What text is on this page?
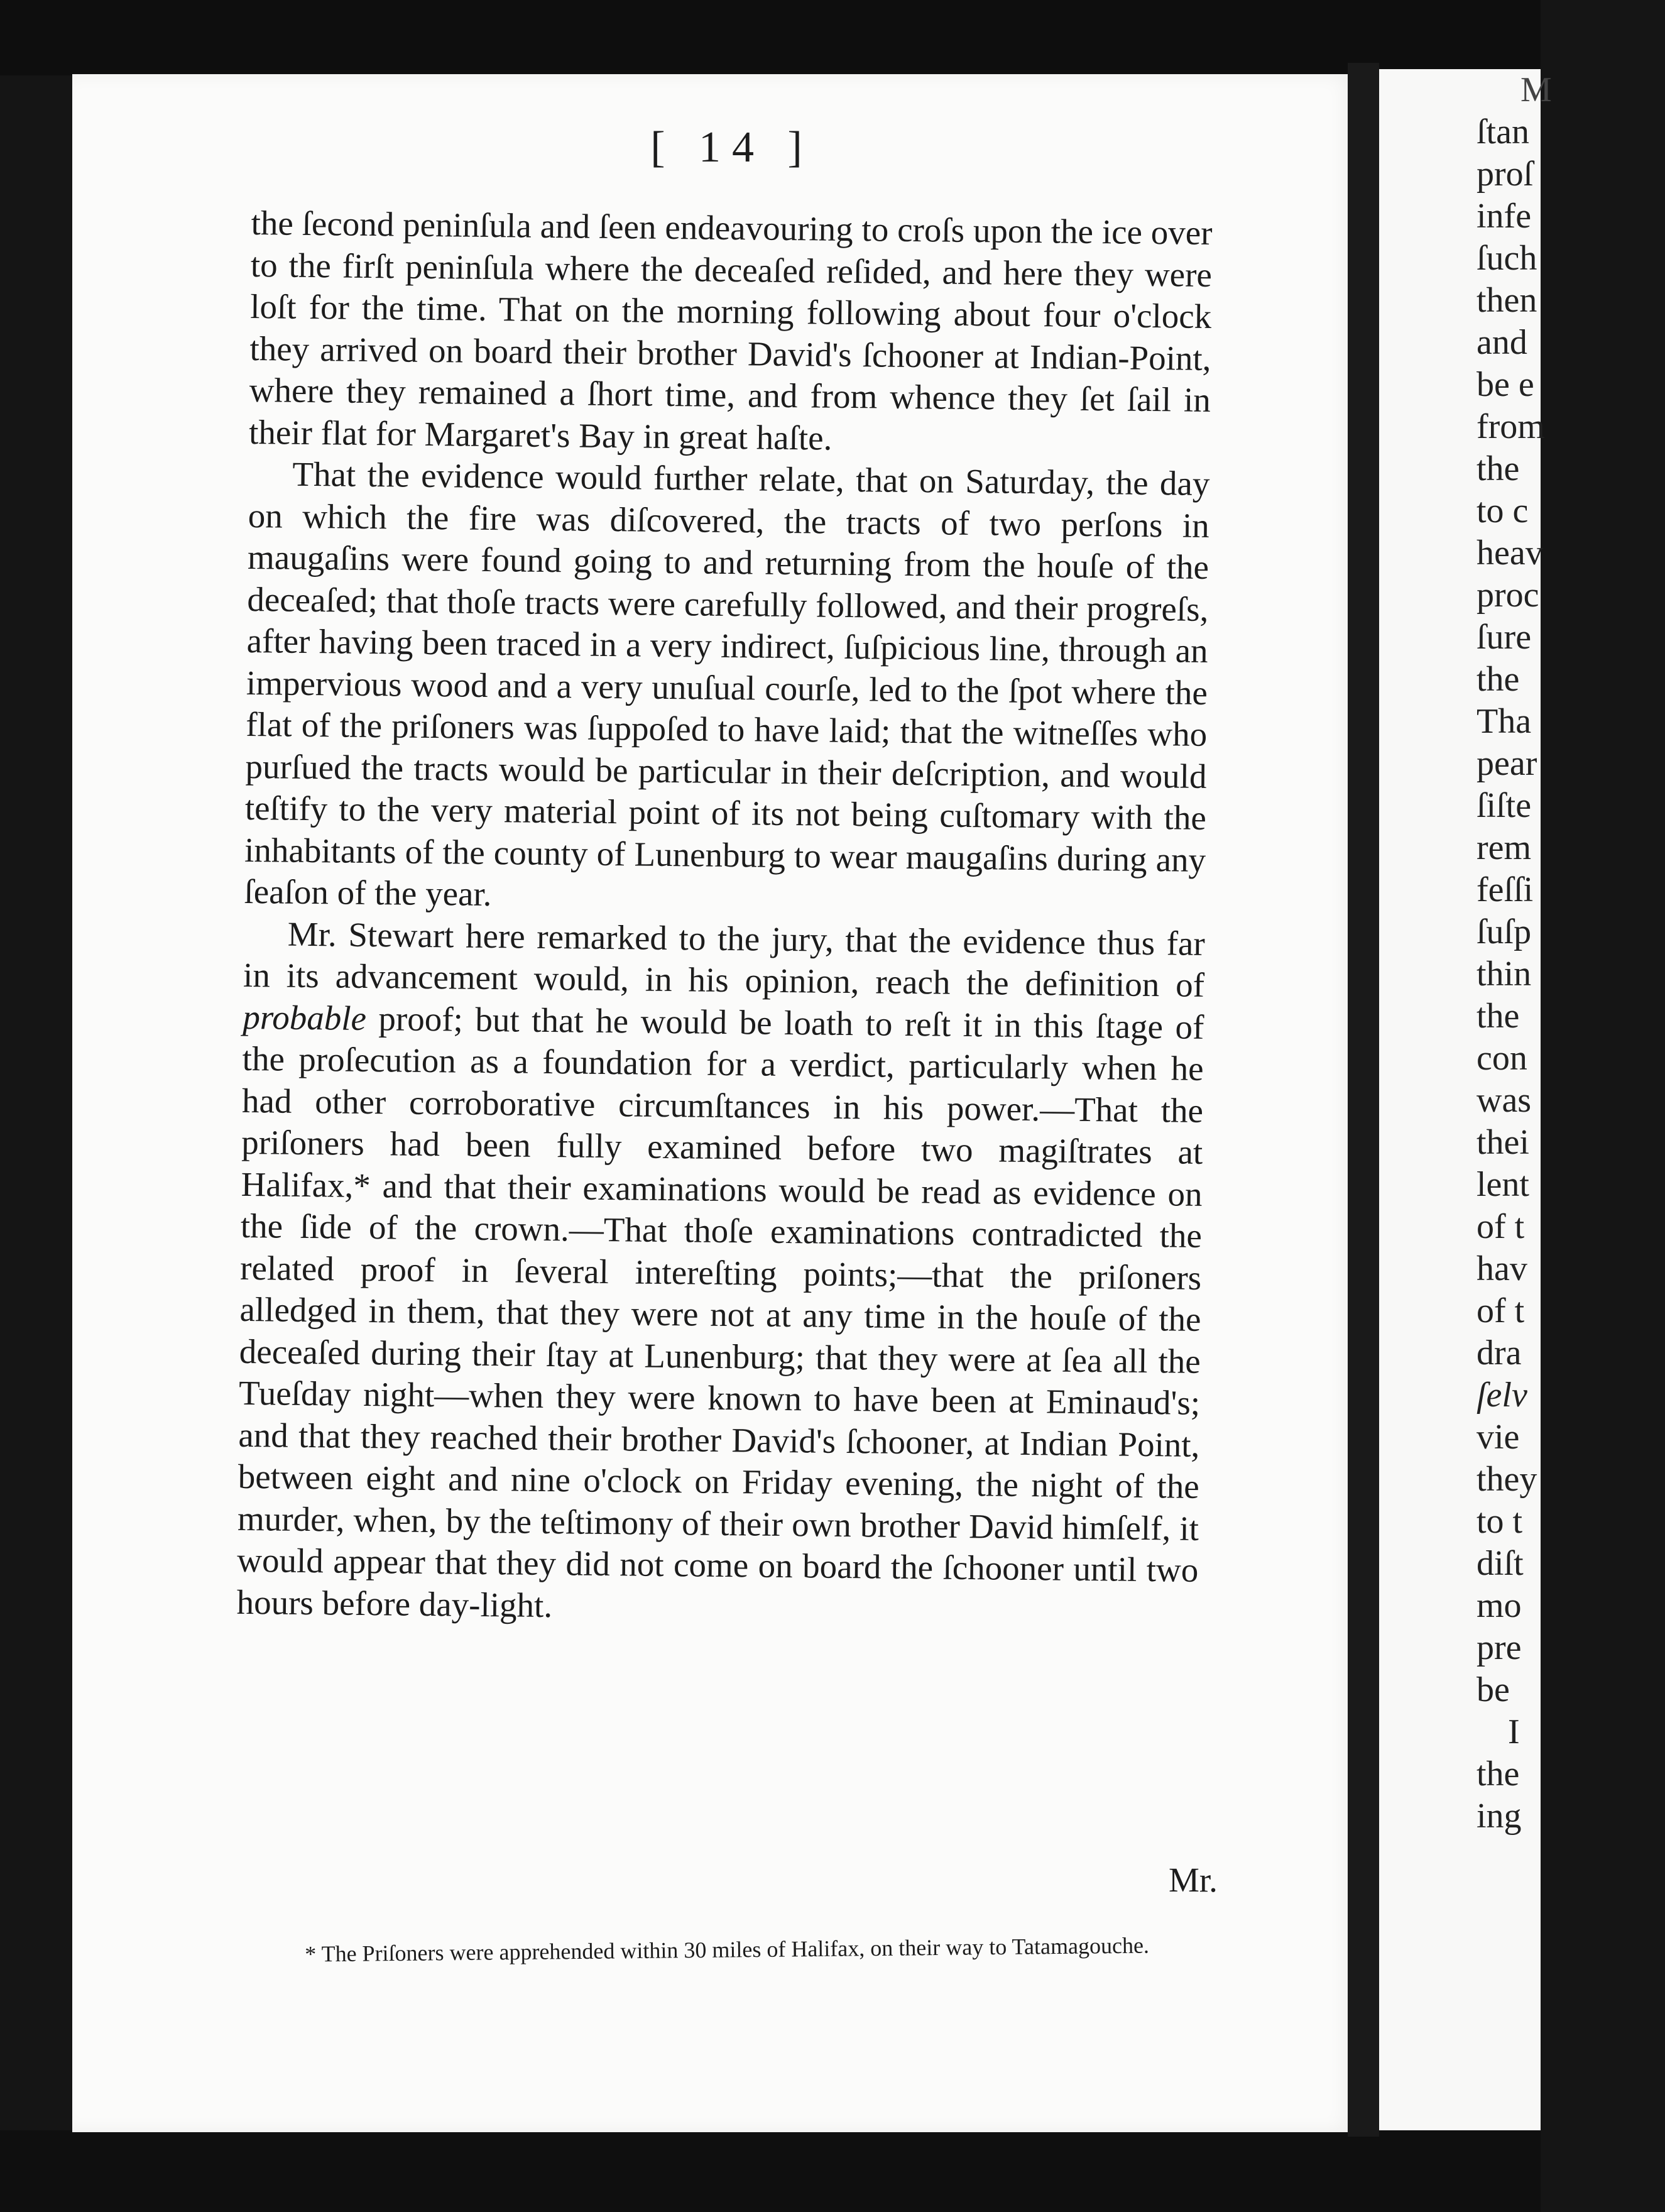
M
ſtan
proſ
infe
ſuch
then
and
be e
from
the
to c
heav
proc
ſure
the
Tha
pear
ſiſte
rem
feſſi
ſuſp
thin
the
con
was
thei
lent
of t
hav
of t
dra
ſelv
vie
they
to t
diſt
mo
pre
be
I
the
ing
[ 14 ]

the ſecond peninſula and ſeen endeavouring to croſs upon the ice over to the firſt peninſula where the deceaſed reſided, and here they were loſt for the time. That on the morning following about four o'clock they arrived on board their brother David's ſchooner at Indian-Point, where they remained a ſhort time, and from whence they ſet ſail in their flat for Margaret's Bay in great haſte.

That the evidence would further relate, that on Saturday, the day on which the fire was diſcovered, the tracts of two perſons in maugaſins were found going to and returning from the houſe of the deceaſed; that thoſe tracts were carefully followed, and their progreſs, after having been traced in a very indirect, ſuſpicious line, through an impervious wood and a very unuſual courſe, led to the ſpot where the flat of the priſoners was ſuppoſed to have laid; that the witneſſes who purſued the tracts would be particular in their deſcription, and would teſtify to the very material point of its not being cuſtomary with the inhabitants of the county of Lunenburg to wear maugaſins during any ſeaſon of the year.

Mr. Stewart here remarked to the jury, that the evidence thus far in its advancement would, in his opinion, reach the definition of probable proof; but that he would be loath to reſt it in this ſtage of the proſecution as a foundation for a verdict, particularly when he had other corroborative circumſtances in his power.—That the priſoners had been fully examined before two magiſtrates at Halifax,* and that their examinations would be read as evidence on the ſide of the crown.—That thoſe examinations contradicted the related proof in ſeveral intereſting points;—that the priſoners alledged in them, that they were not at any time in the houſe of the deceaſed during their ſtay at Lunenburg; that they were at ſea all the Tueſday night—when they were known to have been at Eminaud's; and that they reached their brother David's ſchooner, at Indian Point, between eight and nine o'clock on Friday evening, the night of the murder, when, by the teſtimony of their own brother David himſelf, it would appear that they did not come on board the ſchooner until two hours before day-light.

Mr.

* The Priſoners were apprehended within 30 miles of Halifax, on their way to Tatamagouche.
